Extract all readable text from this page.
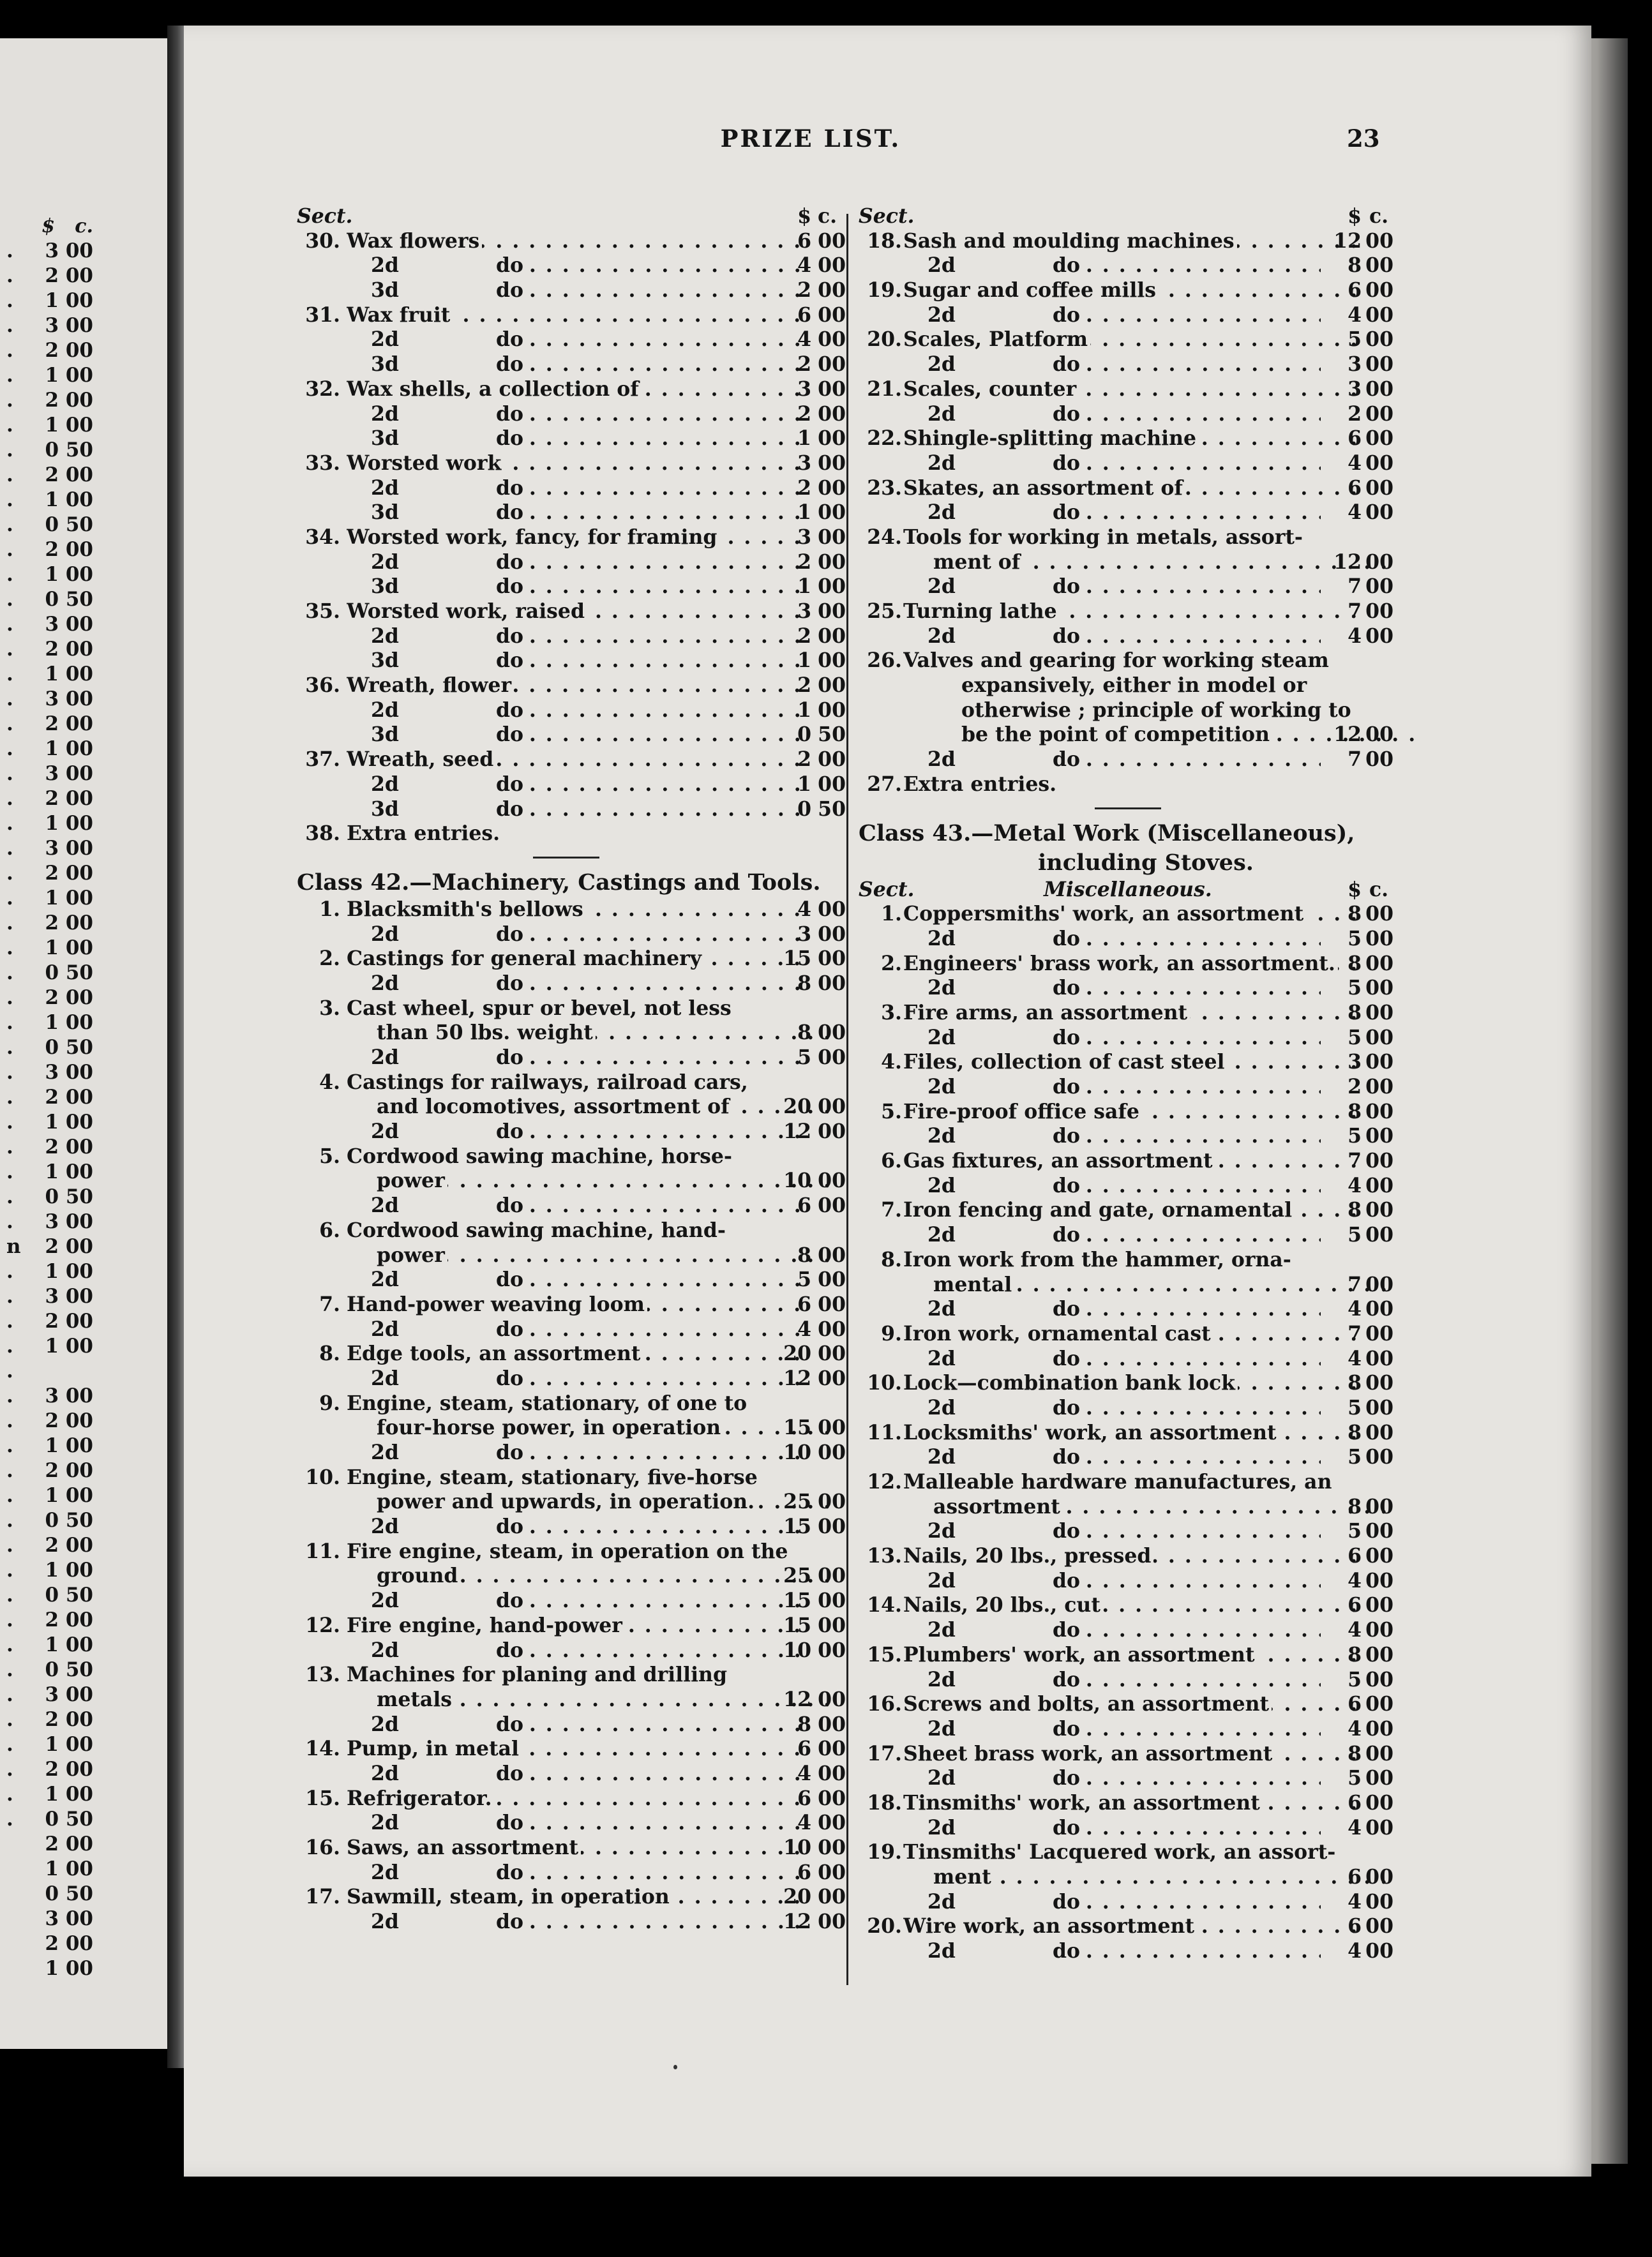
$ c.
. 3 00
. 2 00
. 1 00
. 3 00
. 2 00
. 1 00
. 2 00
. 1 00
. 0 50
. 2 00
. 1 00
. 0 50
. 2 00
. 1 00
. 0 50
. 3 00
. 2 00
. 1 00
. 3 00
. 2 00
. 1 00
. 3 00
. 2 00
. 1 00
. 3 00
. 2 00
. 1 00
. 2 00
. 1 00
. 0 50
. 2 00
. 1 00
. 0 50
. 3 00
. 2 00
. 1 00
. 2 00
. 1 00
. 0 50
. 3 00
n 2 00
. 1 00
. 3 00
. 2 00
. 1 00
.
. 3 00
. 2 00
. 1 00
. 2 00
. 1 00
. 0 50
. 2 00
. 1 00
. 0 50
. 2 00
. 1 00
. 0 50
. 3 00
. 2 00
. 1 00
. 2 00
. 1 00
. 0 50
2 00
1 00
0 50
3 00
2 00
1 00
PRIZE LIST.	23
Sect.	$ c.
30. Wax flowers . . .	6 00
2d	do . . .	4 00
3d	do . . .	2 00
31. Wax fruit . . .	6 00
2d	do . . .	4 00
3d	do . . .	2 00
32. Wax shells, a collection of . . .	3 00
2d	do . . .	2 00
3d	do . . .	1 00
33. Worsted work . . .	3 00
2d	do . . .	2 00
3d	do . . .	1 00
34. Worsted work, fancy, for framing . . .	3 00
2d	do . . .	2 00
3d	do . . .	1 00
35. Worsted work, raised . . .	3 00
2d	do . . .	2 00
3d	do . . .	1 00
36. Wreath, flower . . .	2 00
2d	do . . .	1 00
3d	do . . .	0 50
37. Wreath, seed . . .	2 00
2d	do . . .	1 00
3d	do . . .	0 50
38. Extra entries.
Class 42.—Machinery, Castings and Tools.
1. Blacksmith's bellows . . .	4 00
2d	do . . .	3 00
2. Castings for general machinery . . .	15 00
2d	do . . .	8 00
3. Cast wheel, spur or bevel, not less
than 50 lbs. weight . . .	8 00
2d	do . . .	5 00
4. Castings for railways, railroad cars,
and locomotives, assortment of . . .	20 00
2d	do . . .	12 00
5. Cordwood sawing machine, horse-
power . . .	10 00
2d	do . . .	6 00
6. Cordwood sawing machine, hand-
power . . .	8 00
2d	do . . .	5 00
7. Hand-power weaving loom . . .	6 00
2d	do . . .	4 00
8. Edge tools, an assortment . . .	20 00
2d	do . . .	12 00
9. Engine, steam, stationary, of one to
four-horse power, in operation . . .	15 00
2d	do . . .	10 00
10. Engine, steam, stationary, five-horse
power and upwards, in operation. . . .	25 00
2d	do . . .	15 00
11. Fire engine, steam, in operation on the
ground . . .	25 00
2d	do . . .	15 00
12. Fire engine, hand-power . . .	15 00
2d	do . . .	10 00
13. Machines for planing and drilling
metals . . .	12 00
2d	do . . .	8 00
14. Pump, in metal . . .	6 00
2d	do . . .	4 00
15. Refrigerator. . . .	6 00
2d	do . . .	4 00
16. Saws, an assortment . . .	10 00
2d	do . . .	6 00
17. Sawmill, steam, in operation . . .	20 00
2d	do . . .	12 00
Sect.	$ c.
18. Sash and moulding machines . . .	12 00
2d	do . . .	8 00
19. Sugar and coffee mills . . .	6 00
2d	do . . .	4 00
20. Scales, Platform . . .	5 00
2d	do . . .	3 00
21. Scales, counter . . .	3 00
2d	do . . .	2 00
22. Shingle-splitting machine . . .	6 00
2d	do . . .	4 00
23. Skates, an assortment of . . .	6 00
2d	do . . .	4 00
24. Tools for working in metals, assort-
ment of . . .	12 00
2d	do . . .	7 00
25. Turning lathe . . .	7 00
2d	do . . .	4 00
26. Valves and gearing for working steam
expansively, either in model or
otherwise ; principle of working to
be the point of competition . . .	12 00
2d	do . . .	7 00
27. Extra entries.
Class 43.—Metal Work (Miscellaneous),
including Stoves.
Sect.	Miscellaneous.	$ c.
1. Coppersmiths' work, an assortment . . .	8 00
2d	do . . .	5 00
2. Engineers' brass work, an assortment. . . . 8 00
2d	do . . .	5 00
3. Fire arms, an assortment . . .	8 00
2d	do . . .	5 00
4. Files, collection of cast steel . . .	3 00
2d	do . . .	2 00
5. Fire-proof office safe . . .	8 00
2d	do . . .	5 00
6. Gas fixtures, an assortment . . .	7 00
2d	do . . .	4 00
7. Iron fencing and gate, ornamental . . .	8 00
2d	do . . .	5 00
8. Iron work from the hammer, orna-
mental . . .	7 00
2d	do . . .	4 00
9. Iron work, ornamental cast . . .	7 00
2d	do . . .	4 00
10. Lock—combination bank lock . . .	8 00
2d	do . . .	5 00
11. Locksmiths' work, an assortment . . .	8 00
2d	do . . .	5 00
12. Malleable hardware manufactures, an
assortment . . .	8 00
2d	do . . .	5 00
13. Nails, 20 lbs., pressed . . .	6 00
2d	do . . .	4 00
14. Nails, 20 lbs., cut . . .	6 00
2d	do . . .	4 00
15. Plumbers' work, an assortment . . .	8 00
2d	do . . .	5 00
16. Screws and bolts, an assortment . . .	6 00
2d	do . . .	4 00
17. Sheet brass work, an assortment . . .	8 00
2d	do . . .	5 00
18. Tinsmiths' work, an assortment . . .	6 00
2d	do . . .	4 00
19. Tinsmiths' Lacquered work, an assort-
ment . . .	6 00
2d	do . . .	4 00
20. Wire work, an assortment . . .	6 00
2d	do . . .	4 00
